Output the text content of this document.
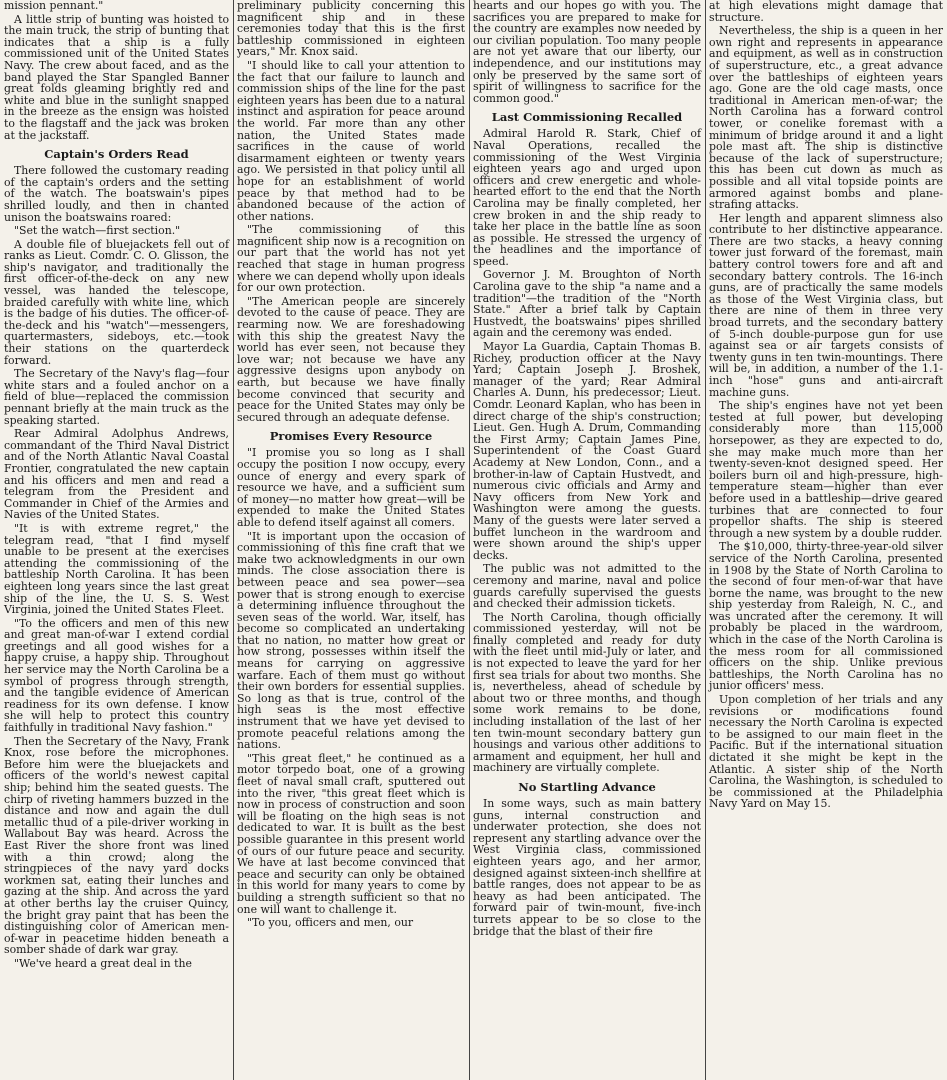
mission pennant."

A little strip of bunting was hoisted to the main truck, the strip of bunting that indicates that a ship is a fully commissioned unit of the United States Navy. The crew about faced, and as the band played the Star Spangled Banner great folds gleaming brightly red and white and blue in the sunlight snapped in the breeze as the ensign was hoisted to the flagstaff and the jack was broken at the jackstaff.

Captain's Orders Read

There followed the customary reading of the captain's orders and the setting of the watch. The boatswain's pipes shrilled loudly, and then in chanted unison the boatswains roared:

"Set the watch—first section."

A double file of bluejackets fell out of ranks as Lieut. Comdr. C. O. Glisson, the ship's navigator, and traditionally the first officer-of-the-deck on any new vessel, was handed the telescope, braided carefully with white line, which is the badge of his duties. The officer-of-the-deck and his "watch"—messengers, quartermasters, sideboys, etc.—took their stations on the quarterdeck forward.

The Secretary of the Navy's flag—four white stars and a fouled anchor on a field of blue—replaced the commission pennant briefly at the main truck as the speaking started.

Rear Admiral Adolphus Andrews, commandant of the Third Naval District and of the North Atlantic Naval Coastal Frontier, congratulated the new captain and his officers and men and read a telegram from the President and Commander in Chief of the Armies and Navies of the United States.

"It is with extreme regret," the telegram read, "that I find myself unable to be present at the exercises attending the commissioning of the battleship North Carolina. It has been eighteen long years since the last great ship of the line, the U. S. S. West Virginia, joined the United States Fleet.

"To the officers and men of this new and great man-of-war I extend cordial greetings and all good wishes for a happy cruise, a happy ship. Throughout her service may the North Carolina be a symbol of progress through strength, and the tangible evidence of American readiness for its own defense. I know she will help to protect this country faithfully in traditional Navy fashion."

Then the Secretary of the Navy, Frank Knox, rose before the microphones. Before him were the bluejackets and officers of the world's newest capital ship; behind him the seated guests. The chirp of riveting hammers buzzed in the distance and now and again the dull metallic thud of a pile-driver working in Wallabout Bay was heard. Across the East River the shore front was lined with a thin crowd; along the stringpieces of the navy yard docks workmen sat, eating their lunches and gazing at the ship. And across the yard at other berths lay the cruiser Quincy, the bright gray paint that has been the distinguishing color of American men-of-war in peacetime hidden beneath a somber shade of dark war gray.

"We've heard a great deal in the

preliminary publicity concerning this magnificent ship and in these ceremonies today that this is the first battleship commissioned in eighteen years," Mr. Knox said.

"I should like to call your attention to the fact that our failure to launch and commission ships of the line for the past eighteen years has been due to a natural instinct and aspiration for peace around the world. Far more than any other nation, the United States made sacrifices in the cause of world disarmament eighteen or twenty years ago. We persisted in that policy until all hope for an establishment of world peace by that method had to be abandoned because of the action of other nations.

"The commissioning of this magnificent ship now is a recognition on our part that the world has not yet reached that stage in human progress where we can depend wholly upon ideals for our own protection.

"The American people are sincerely devoted to the cause of peace. They are rearming now. We are foreshadowing with this ship the greatest Navy the world has ever seen, not because they love war; not because we have any aggressive designs upon anybody on earth, but because we have finally become convinced that security and peace for the United States may only be secured through an adequate defense.

Promises Every Resource

"I promise you so long as I shall occupy the position I now occupy, every ounce of energy and every spark of resource we have, and a sufficient sum of money—no matter how great—will be expended to make the United States able to defend itself against all comers.

"It is important upon the occasion of commissioning of this fine craft that we make two acknowledgments in our own minds. The close association there is between peace and sea power—sea power that is strong enough to exercise a determining influence throughout the seven seas of the world. War, itself, has become so complicated an undertaking that no nation, no matter how great or how strong, possesses within itself the means for carrying on aggressive warfare. Each of them must go without their own borders for essential supplies. So long as that is true, control of the high seas is the most effective instrument that we have yet devised to promote peaceful relations among the nations.

"This great fleet," he continued as a motor torpedo boat, one of a growing fleet of naval small craft, sputtered out into the river, "this great fleet which is now in process of construction and soon will be floating on the high seas is not dedicated to war. It is built as the best possible guarantee in this present world of ours of our future peace and security. We have at last become convinced that peace and security can only be obtained in this world for many years to come by building a strength sufficient so that no one will want to challenge it.

"To you, officers and men, our

hearts and our hopes go with you. The sacrifices you are prepared to make for the country are examples now needed by our civilian population. Too many people are not yet aware that our liberty, our independence, and our institutions may only be preserved by the same sort of spirit of willingness to sacrifice for the common good."

Last Commissioning Recalled

Admiral Harold R. Stark, Chief of Naval Operations, recalled the commissioning of the West Virginia eighteen years ago and urged upon officers and crew energetic and whole-hearted effort to the end that the North Carolina may be finally completed, her crew broken in and the ship ready to take her place in the battle line as soon as possible. He stressed the urgency of the headlines and the importance of speed.

Governor J. M. Broughton of North Carolina gave to the ship "a name and a tradition"—the tradition of the "North State." After a brief talk by Captain Hustvedt, the boatswains' pipes shrilled again and the ceremony was ended.

Mayor La Guardia, Captain Thomas B. Richey, production officer at the Navy Yard; Captain Joseph J. Broshek, manager of the yard; Rear Admiral Charles A. Dunn, his predecessor; Lieut. Comdr. Leonard Kaplan, who has been in direct charge of the ship's construction; Lieut. Gen. Hugh A. Drum, Commanding the First Army; Captain James Pine, Superintendent of the Coast Guard Academy at New London, Conn., and a brother-in-law of Captain Hustvedt, and numerous civic officials and Army and Navy officers from New York and Washington were among the guests. Many of the guests were later served a buffet luncheon in the wardroom and were shown around the ship's upper decks.

The public was not admitted to the ceremony and marine, naval and police guards carefully supervised the guests and checked their admission tickets.

The North Carolina, though officially commissioned yesterday, will not be finally completed and ready for duty with the fleet until mid-July or later, and is not expected to leave the yard for her first sea trials for about two months. She is, nevertheless, ahead of schedule by about two or three months, and though some work remains to be done, including installation of the last of her ten twin-mount secondary battery gun housings and various other additions to armament and equipment, her hull and machinery are virtually complete.

No Startling Advance

In some ways, such as main battery guns, internal construction and underwater protection, she does not represent any startling advance over the West Virginia class, commissioned eighteen years ago, and her armor, designed against sixteen-inch shellfire at battle ranges, does not appear to be as heavy as had been anticipated. The forward pair of twin-mount, five-inch turrets appear to be so close to the bridge that the blast of their fire

at high elevations might damage that structure.

Nevertheless, the ship is a queen in her own right and represents in appearance and equipment, as well as in construction of superstructure, etc., a great advance over the battleships of eighteen years ago. Gone are the old cage masts, once traditional in American men-of-war; the North Carolina has a forward control tower, or conelike foremast with a minimum of bridge around it and a light pole mast aft. The ship is distinctive because of the lack of superstructure; this has been cut down as much as possible and all vital topside points are armored against bombs and plane-strafing attacks.

Her length and apparent slimness also contribute to her distinctive appearance. There are two stacks, a heavy conning tower just forward of the foremast, main battery control towers fore and aft and secondary battery controls. The 16-inch guns, are of practically the same models as those of the West Virginia class, but there are nine of them in three very broad turrets, and the secondary battery of 5-inch double-purpose gun for use against sea or air targets consists of twenty guns in ten twin-mountings. There will be, in addition, a number of the 1.1-inch "hose" guns and anti-aircraft machine guns.

The ship's engines have not yet been tested at full power, but developing considerably more than 115,000 horsepower, as they are expected to do, she may make much more than her twenty-seven-knot designed speed. Her boilers burn oil and high-pressure, high-temperature steam—higher than ever before used in a battleship—drive geared turbines that are connected to four propellor shafts. The ship is steered through a new system by a double rudder.

The $10,000, thirty-three-year-old silver service of the North Carolina, presented in 1908 by the State of North Carolina to the second of four men-of-war that have borne the name, was brought to the new ship yesterday from Raleigh, N. C., and was uncrated after the ceremony. It will probably be placed in the wardroom, which in the case of the North Carolina is the mess room for all commissioned officers on the ship. Unlike previous battleships, the North Carolina has no junior officers' mess.

Upon completion of her trials and any revisions or modifications found necessary the North Carolina is expected to be assigned to our main fleet in the Pacific. But if the international situation dictated it she might be kept in the Atlantic. A sister ship of the North Carolina, the Washington, is scheduled to be commissioned at the Philadelphia Navy Yard on May 15.
